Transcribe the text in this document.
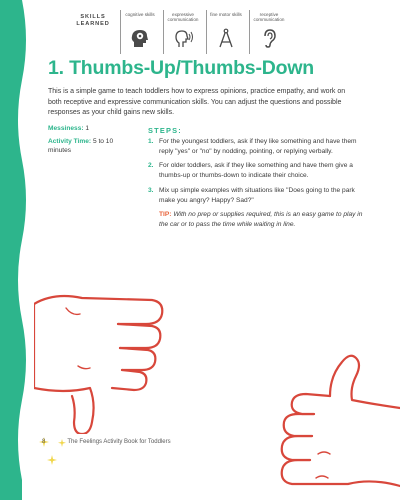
SKILLS LEARNED
cognitive skills	expressive communication
fine motor skills	receptive communication
1. Thumbs-Up/Thumbs-Down

This is a simple game to teach toddlers how to express opinions, practice empathy, and work on both receptive and expressive communication skills. You can adjust the questions and possible responses as your child gains new skills.

Messiness: 1
Activity Time: 5 to 10 minutes
STEPS:
1. For the youngest toddlers, ask if they like something and have them reply "yes" or "no" by nodding, pointing, or replying verbally.
2. For older toddlers, ask if they like something and have them give a thumbs-up or thumbs-down to indicate their choice.
3. Mix up simple examples with situations like "Does going to the park make you angry? Happy? Sad?"
TIP: With no prep or supplies required, this is an easy game to play in the car or to pass the time while waiting in line.
8	The Feelings Activity Book for Toddlers
